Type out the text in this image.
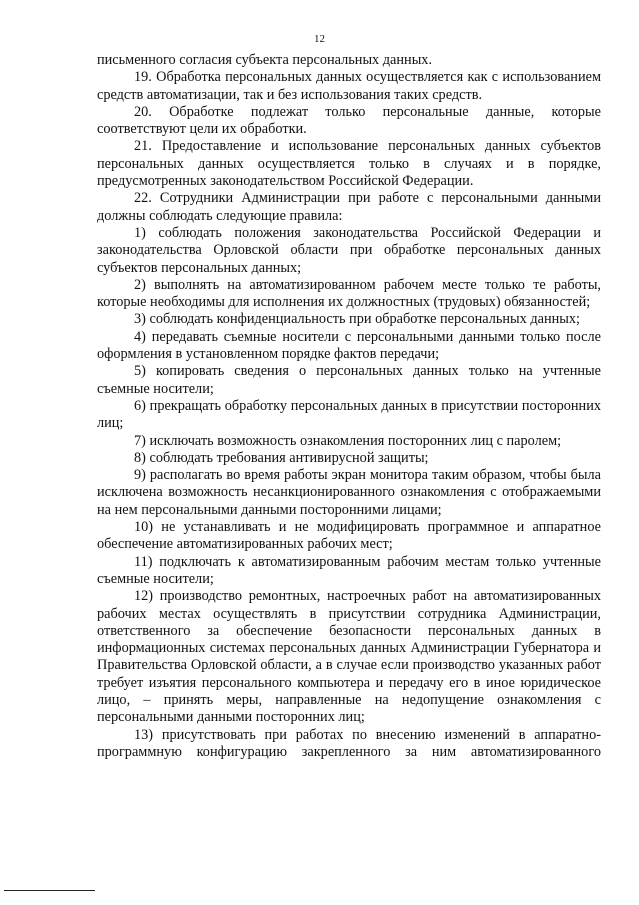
12

письменного согласия субъекта персональных данных.

19. Обработка персональных данных осуществляется как с использованием средств автоматизации, так и без использования таких средств.

20. Обработке подлежат только персональные данные, которые соответствуют цели их обработки.

21. Предоставление и использование персональных данных субъектов персональных данных осуществляется только в случаях и в порядке, предусмотренных законодательством Российской Федерации.

22. Сотрудники Администрации при работе с персональными данными должны соблюдать следующие правила:

1) соблюдать положения законодательства Российской Федерации и законодательства Орловской области при обработке персональных данных субъектов персональных данных;

2) выполнять на автоматизированном рабочем месте только те работы, которые необходимы для исполнения их должностных (трудовых) обязанностей;

3) соблюдать конфиденциальность при обработке персональных данных;

4) передавать съемные носители с персональными данными только после оформления в установленном порядке фактов передачи;

5) копировать сведения о персональных данных только на учтенные съемные носители;

6) прекращать обработку персональных данных в присутствии посторонних лиц;

7) исключать возможность ознакомления посторонних лиц с паролем;

8) соблюдать требования антивирусной защиты;

9) располагать во время работы экран монитора таким образом, чтобы была исключена возможность несанкционированного ознакомления с отображаемыми на нем персональными данными посторонними лицами;

10) не устанавливать и не модифицировать программное и аппаратное обеспечение автоматизированных рабочих мест;

11) подключать к автоматизированным рабочим местам только учтенные съемные носители;

12) производство ремонтных, настроечных работ на автоматизированных рабочих местах осуществлять в присутствии сотрудника Администрации, ответственного за обеспечение безопасности персональных данных в информационных системах персональных данных Администрации Губернатора и Правительства Орловской области, а в случае если производство указанных работ требует изъятия персонального компьютера и передачу его в иное юридическое лицо, – принять меры, направленные на недопущение ознакомления с персональными данными посторонних лиц;

13) присутствовать при работах по внесению изменений в аппаратно-программную конфигурацию закрепленного за ним автоматизированного
